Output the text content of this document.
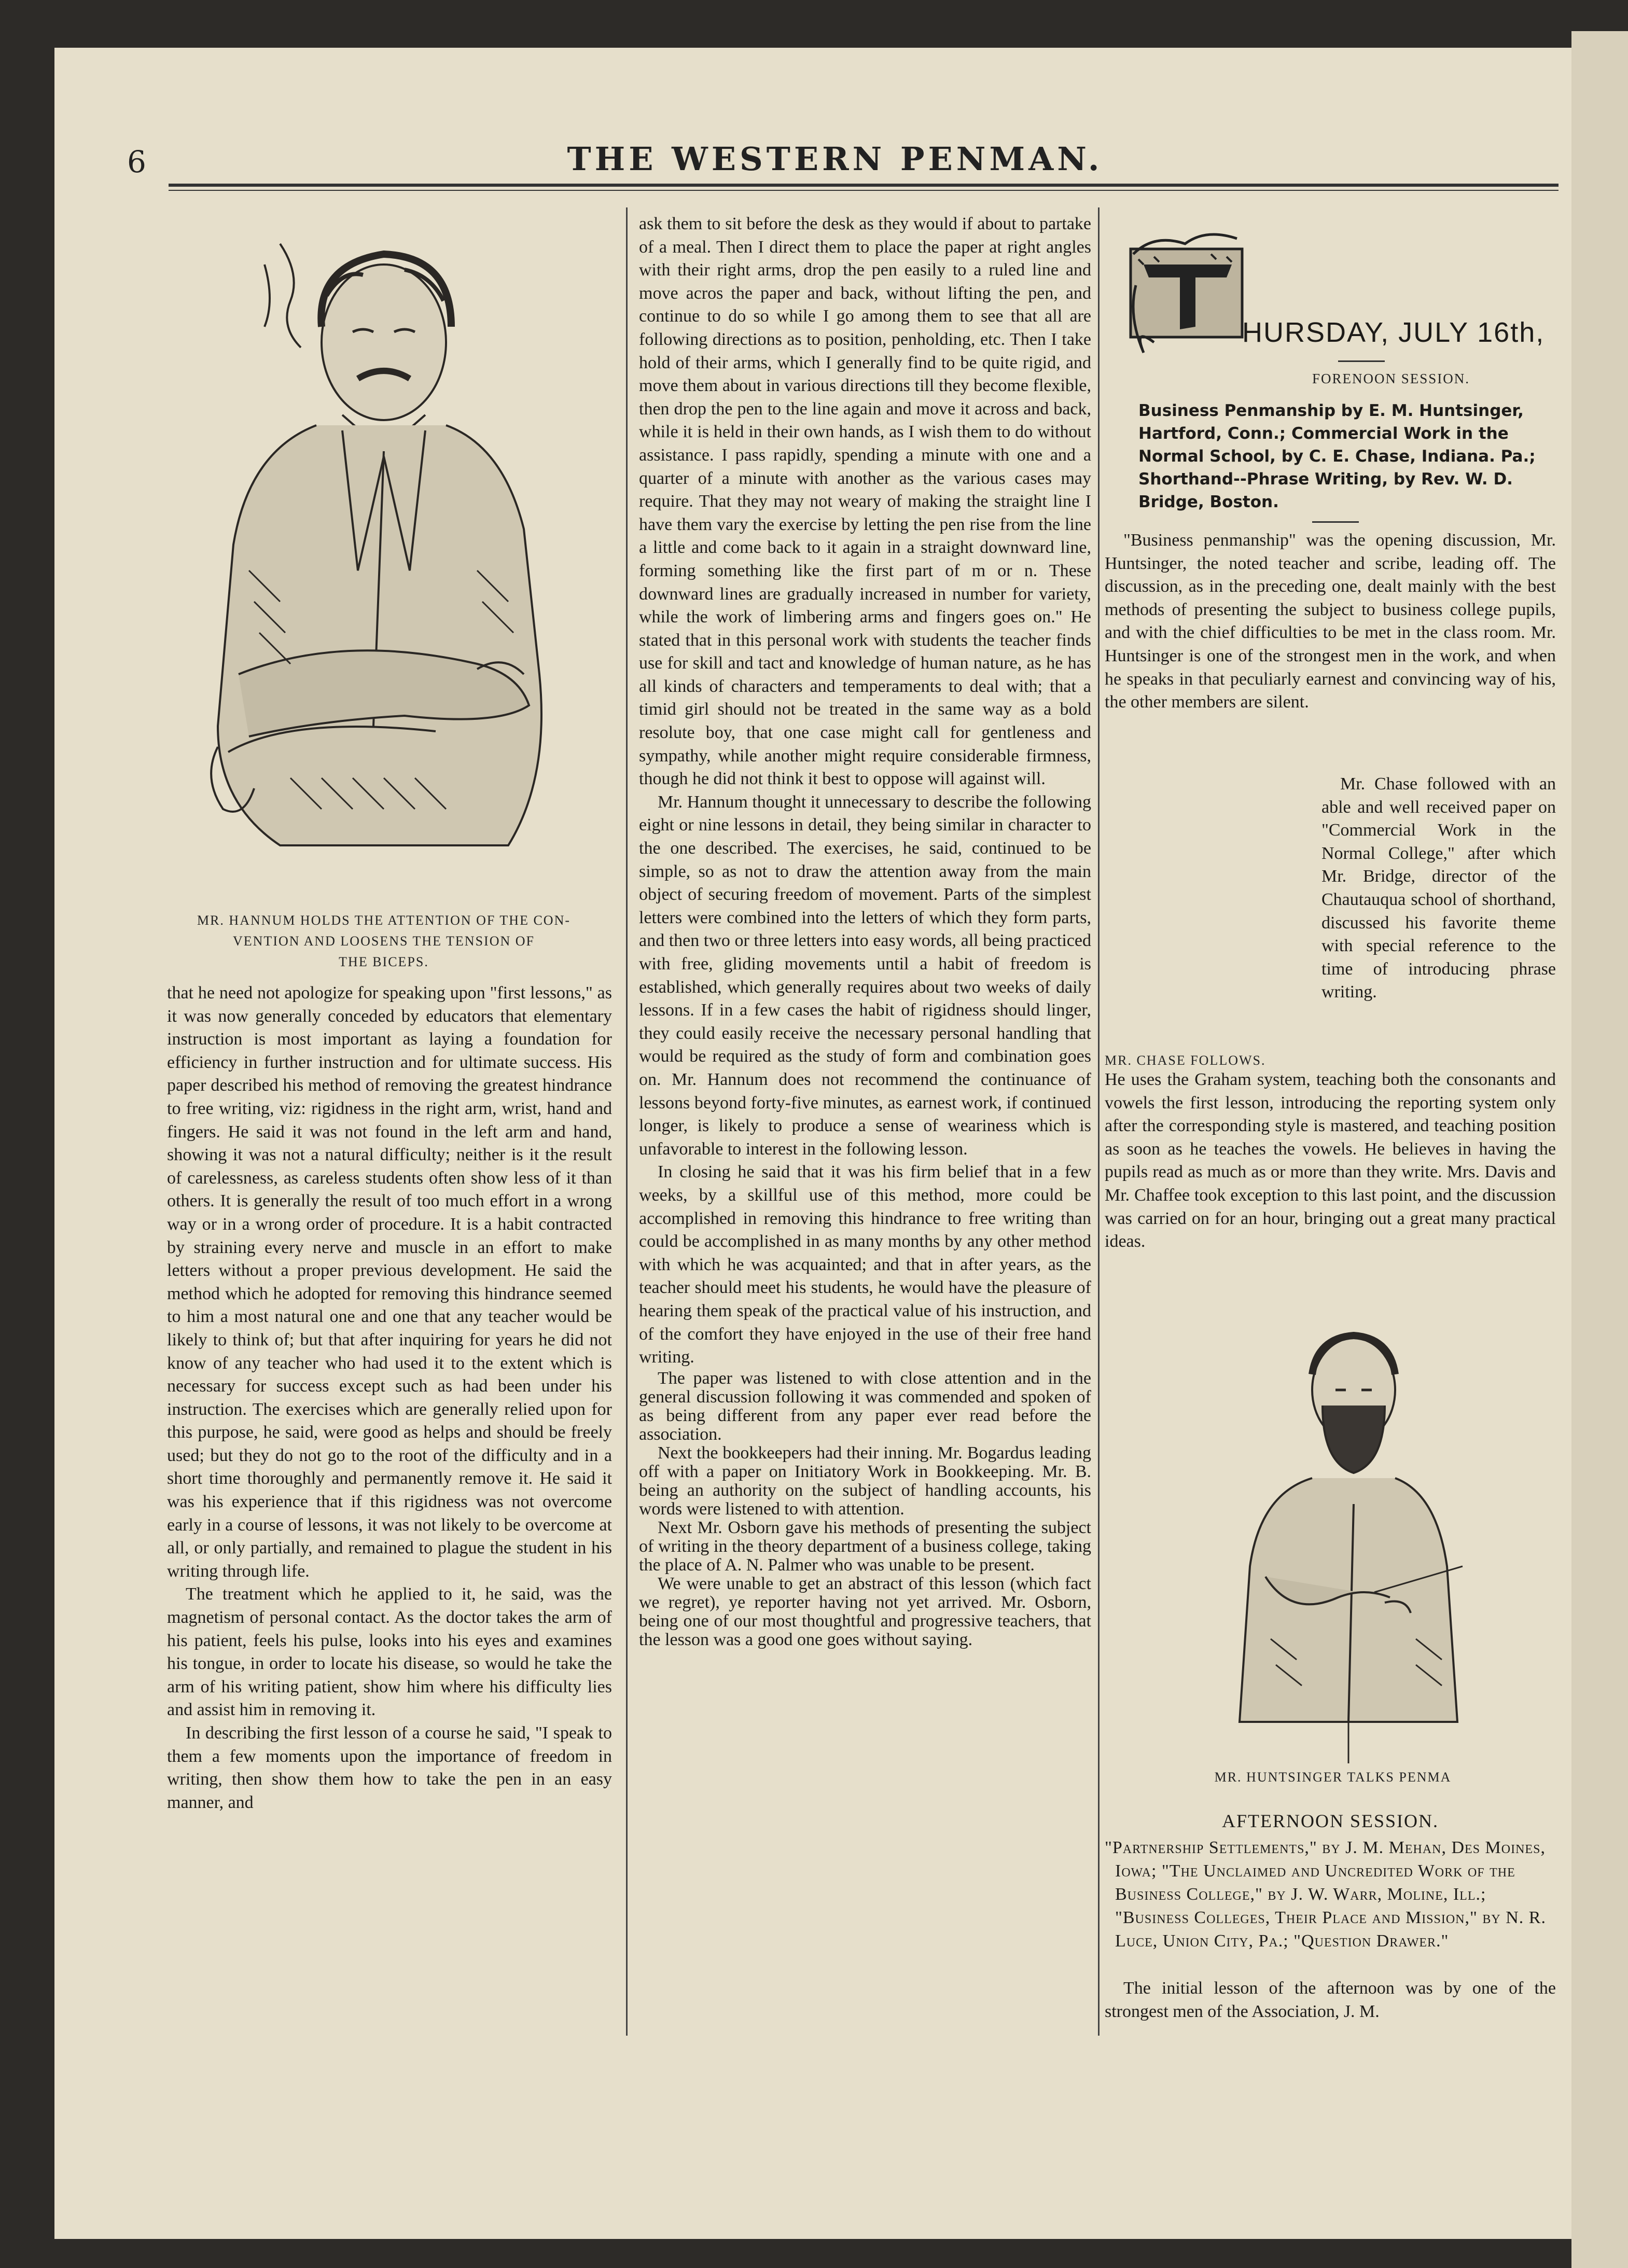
6	THE WESTERN PENMAN.
MR. HANNUM HOLDS THE ATTENTION OF THE CON-
VENTION AND LOOSENS THE TENSION OF
THE BICEPS.

that he need not apologize for speaking upon "first lessons," as it was now generally conceded by educators that elementary instruction is most important as laying a foundation for efficiency in further instruction and for ultimate success. His paper described his method of removing the greatest hindrance to free writing, viz: rigidness in the right arm, wrist, hand and fingers. He said it was not found in the left arm and hand, showing it was not a natural difficulty; neither is it the result of carelessness, as careless students often show less of it than others. It is generally the result of too much effort in a wrong way or in a wrong order of procedure. It is a habit contracted by straining every nerve and muscle in an effort to make letters without a proper previous development. He said the method which he adopted for removing this hindrance seemed to him a most natural one and one that any teacher would be likely to think of; but that after inquiring for years he did not know of any teacher who had used it to the extent which is necessary for success except such as had been under his instruction. The exercises which are generally relied upon for this purpose, he said, were good as helps and should be freely used; but they do not go to the root of the difficulty and in a short time thoroughly and permanently remove it. He said it was his experience that if this rigidness was not overcome early in a course of lessons, it was not likely to be overcome at all, or only partially, and remained to plague the student in his writing through life.

The treatment which he applied to it, he said, was the magnetism of personal contact. As the doctor takes the arm of his patient, feels his pulse, looks into his eyes and examines his tongue, in order to locate his disease, so would he take the arm of his writing patient, show him where his difficulty lies and assist him in removing it.

In describing the first lesson of a course he said, "I speak to them a few moments upon the importance of freedom in writing, then show them how to take the pen in an easy manner, and

ask them to sit before the desk as they would if about to partake of a meal. Then I direct them to place the paper at right angles with their right arms, drop the pen easily to a ruled line and move acros the paper and back, without lifting the pen, and continue to do so while I go among them to see that all are following directions as to position, penholding, etc. Then I take hold of their arms, which I generally find to be quite rigid, and move them about in various directions till they become flexible, then drop the pen to the line again and move it across and back, while it is held in their own hands, as I wish them to do without assistance. I pass rapidly, spending a minute with one and a quarter of a minute with another as the various cases may require. That they may not weary of making the straight line I have them vary the exercise by letting the pen rise from the line a little and come back to it again in a straight downward line, forming something like the first part of m or n. These downward lines are gradually increased in number for variety, while the work of limbering arms and fingers goes on." He stated that in this personal work with students the teacher finds use for skill and tact and knowledge of human nature, as he has all kinds of characters and temperaments to deal with; that a timid girl should not be treated in the same way as a bold resolute boy, that one case might call for gentleness and sympathy, while another might require considerable firmness, though he did not think it best to oppose will against will.

Mr. Hannum thought it unnecessary to describe the following eight or nine lessons in detail, they being similar in character to the one described. The exercises, he said, continued to be simple, so as not to draw the attention away from the main object of securing freedom of movement. Parts of the simplest letters were combined into the letters of which they form parts, and then two or three letters into easy words, all being practiced with free, gliding movements until a habit of freedom is established, which generally requires about two weeks of daily lessons. If in a few cases the habit of rigidness should linger, they could easily receive the necessary personal handling that would be required as the study of form and combination goes on. Mr. Hannum does not recommend the continuance of lessons beyond forty-five minutes, as earnest work, if continued longer, is likely to produce a sense of weariness which is unfavorable to interest in the following lesson.

In closing he said that it was his firm belief that in a few weeks, by a skillful use of this method, more could be accomplished in removing this hindrance to free writing than could be accomplished in as many months by any other method with which he was acquainted; and that in after years, as the teacher should meet his students, he would have the pleasure of hearing them speak of the practical value of his instruction, and of the comfort they have enjoyed in the use of their free hand writing.

The paper was listened to with close attention and in the general discussion following it was commended and spoken of as being different from any paper ever read before the association.

Next the bookkeepers had their inning. Mr. Bogardus leading off with a paper on Initiatory Work in Bookkeeping. Mr. B. being an authority on the subject of handling accounts, his words were listened to with attention.

Next Mr. Osborn gave his methods of presenting the subject of writing in the theory department of a business college, taking the place of A. N. Palmer who was unable to be present.

We were unable to get an abstract of this lesson (which fact we regret), ye reporter having not yet arrived. Mr. Osborn, being one of our most thoughtful and progressive teachers, that the lesson was a good one goes without saying.

HURSDAY, JULY 16th,
FORENOON SESSION.
Business Penmanship by E. M. Huntsinger, Hartford, Conn.; Commercial Work in the Normal School, by C. E. Chase, Indiana. Pa.; Shorthand--Phrase Writing, by Rev. W. D. Bridge, Boston.

"Business penmanship" was the opening discussion, Mr. Huntsinger, the noted teacher and scribe, leading off. The discussion, as in the preceding one, dealt mainly with the best methods of presenting the subject to business college pupils, and with the chief difficulties to be met in the class room. Mr. Huntsinger is one of the strongest men in the work, and when he speaks in that peculiarly earnest and convincing way of his, the other members are silent.

Mr. Chase followed with an able and well received paper on "Commercial Work in the Normal College," after which Mr. Bridge, director of the Chautauqua school of shorthand, discussed his favorite theme with special reference to the time of introducing phrase writing.

MR. CHASE FOLLOWS.

He uses the Graham system, teaching both the consonants and vowels the first lesson, introducing the reporting system only after the corresponding style is mastered, and teaching position as soon as he teaches the vowels. He believes in having the pupils read as much as or more than they write. Mrs. Davis and Mr. Chaffee took exception to this last point, and the discussion was carried on for an hour, bringing out a great many practical ideas.

MR. HUNTSINGER TALKS PENMA
AFTERNOON SESSION.

"Partnership Settlements," by J. M. Mehan, Des Moines, Iowa; "The Unclaimed and Uncredited Work of the Business College," by J. W. Warr, Moline, Ill.; "Business Colleges, Their Place and Mission," by N. R. Luce, Union City, Pa.; "Question Drawer."

The initial lesson of the afternoon was by one of the strongest men of the Association, J. M.
